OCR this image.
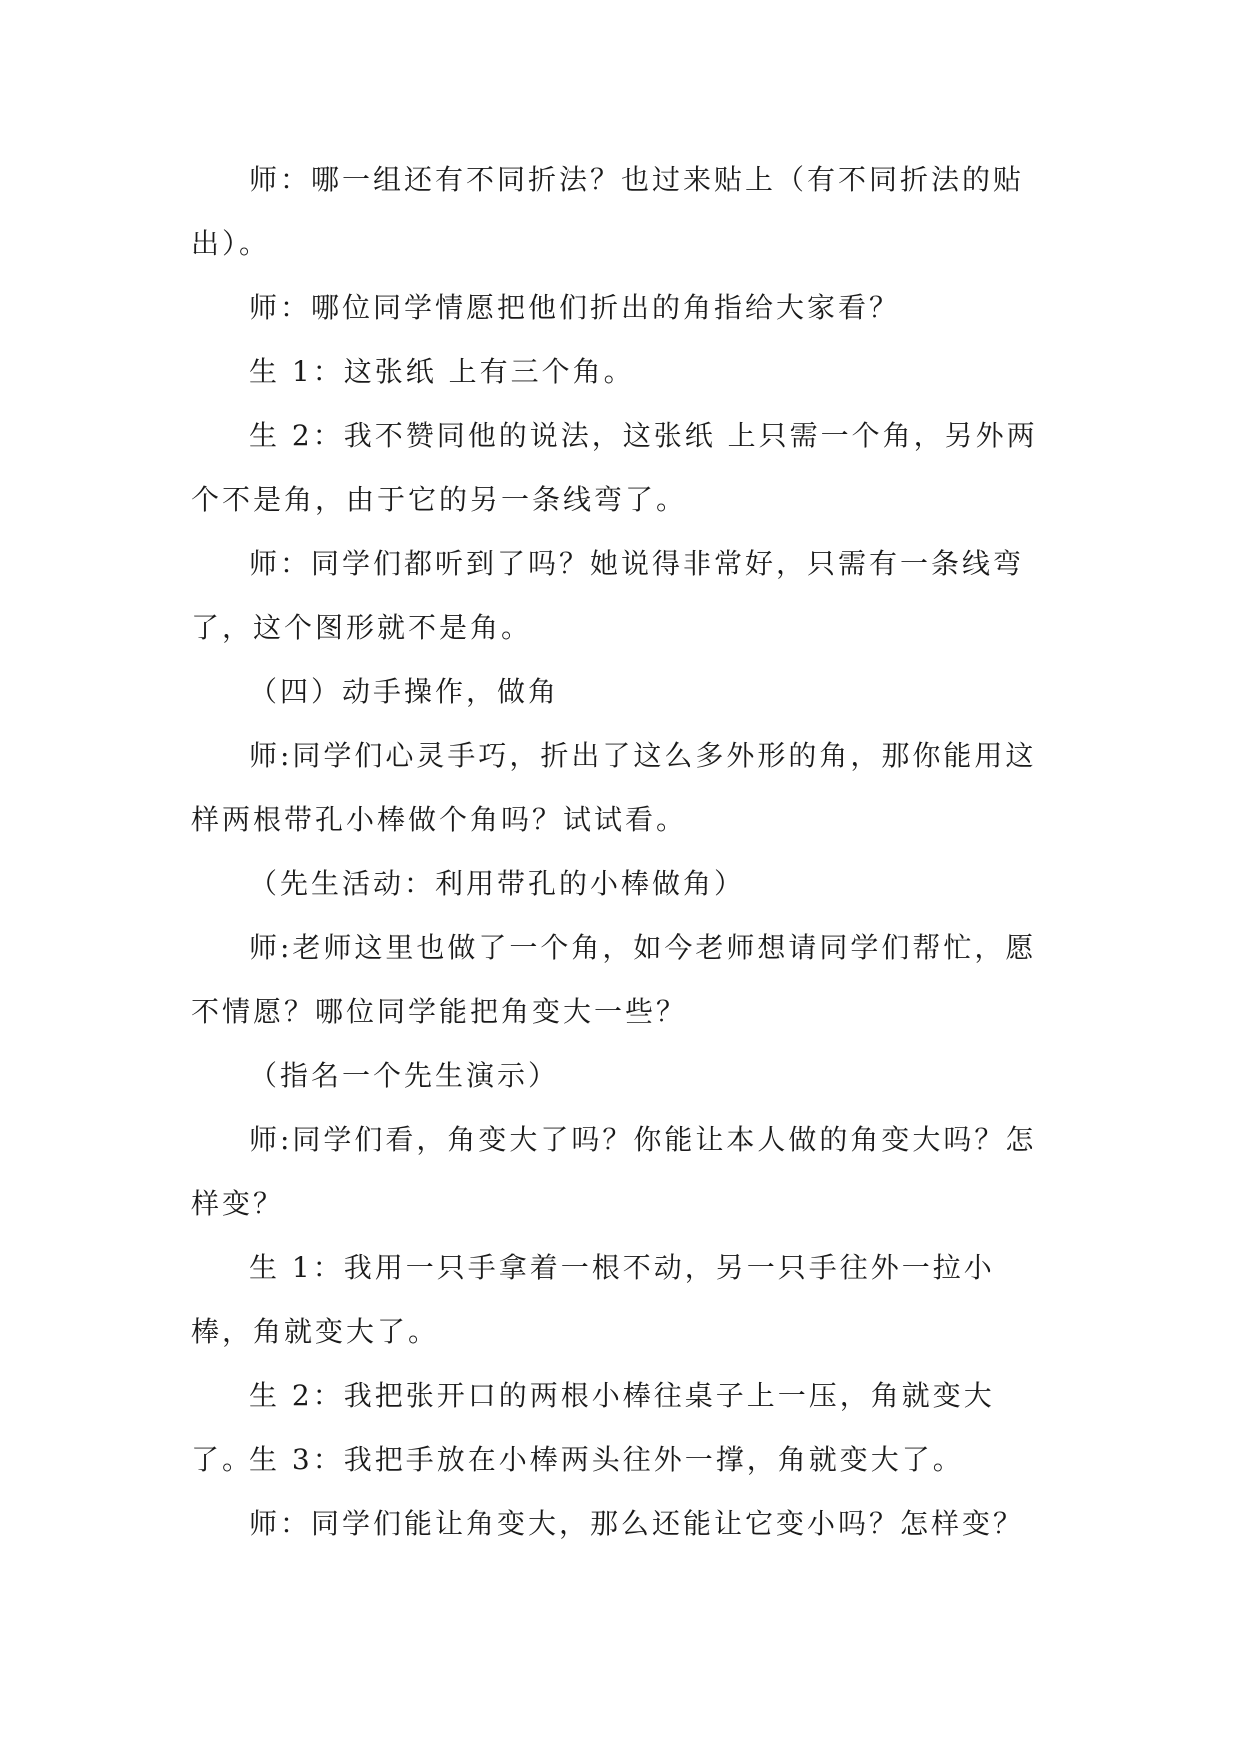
师：哪一组还有不同折法？也过来贴上（有不同折法的贴出）。

师：哪位同学情愿把他们折出的角指给大家看？

生 1：这张纸 上有三个角。

生 2：我不赞同他的说法，这张纸 上只需一个角，另外两个不是角，由于它的另一条线弯了。

师：同学们都听到了吗？她说得非常好，只需有一条线弯了，这个图形就不是角。

（四）动手操作，做角

师:同学们心灵手巧，折出了这么多外形的角，那你能用这样两根带孔小棒做个角吗？试试看。

（先生活动：利用带孔的小棒做角）

师:老师这里也做了一个角，如今老师想请同学们帮忙，愿不情愿？哪位同学能把角变大一些？

（指名一个先生演示）

师:同学们看，角变大了吗？你能让本人做的角变大吗？怎样变？

生 1：我用一只手拿着一根不动，另一只手往外一拉小棒，角就变大了。

生 2：我把张开口的两根小棒往桌子上一压，角就变大了。

生 3：我把手放在小棒两头往外一撑，角就变大了。

师：同学们能让角变大，那么还能让它变小吗？怎样变？
